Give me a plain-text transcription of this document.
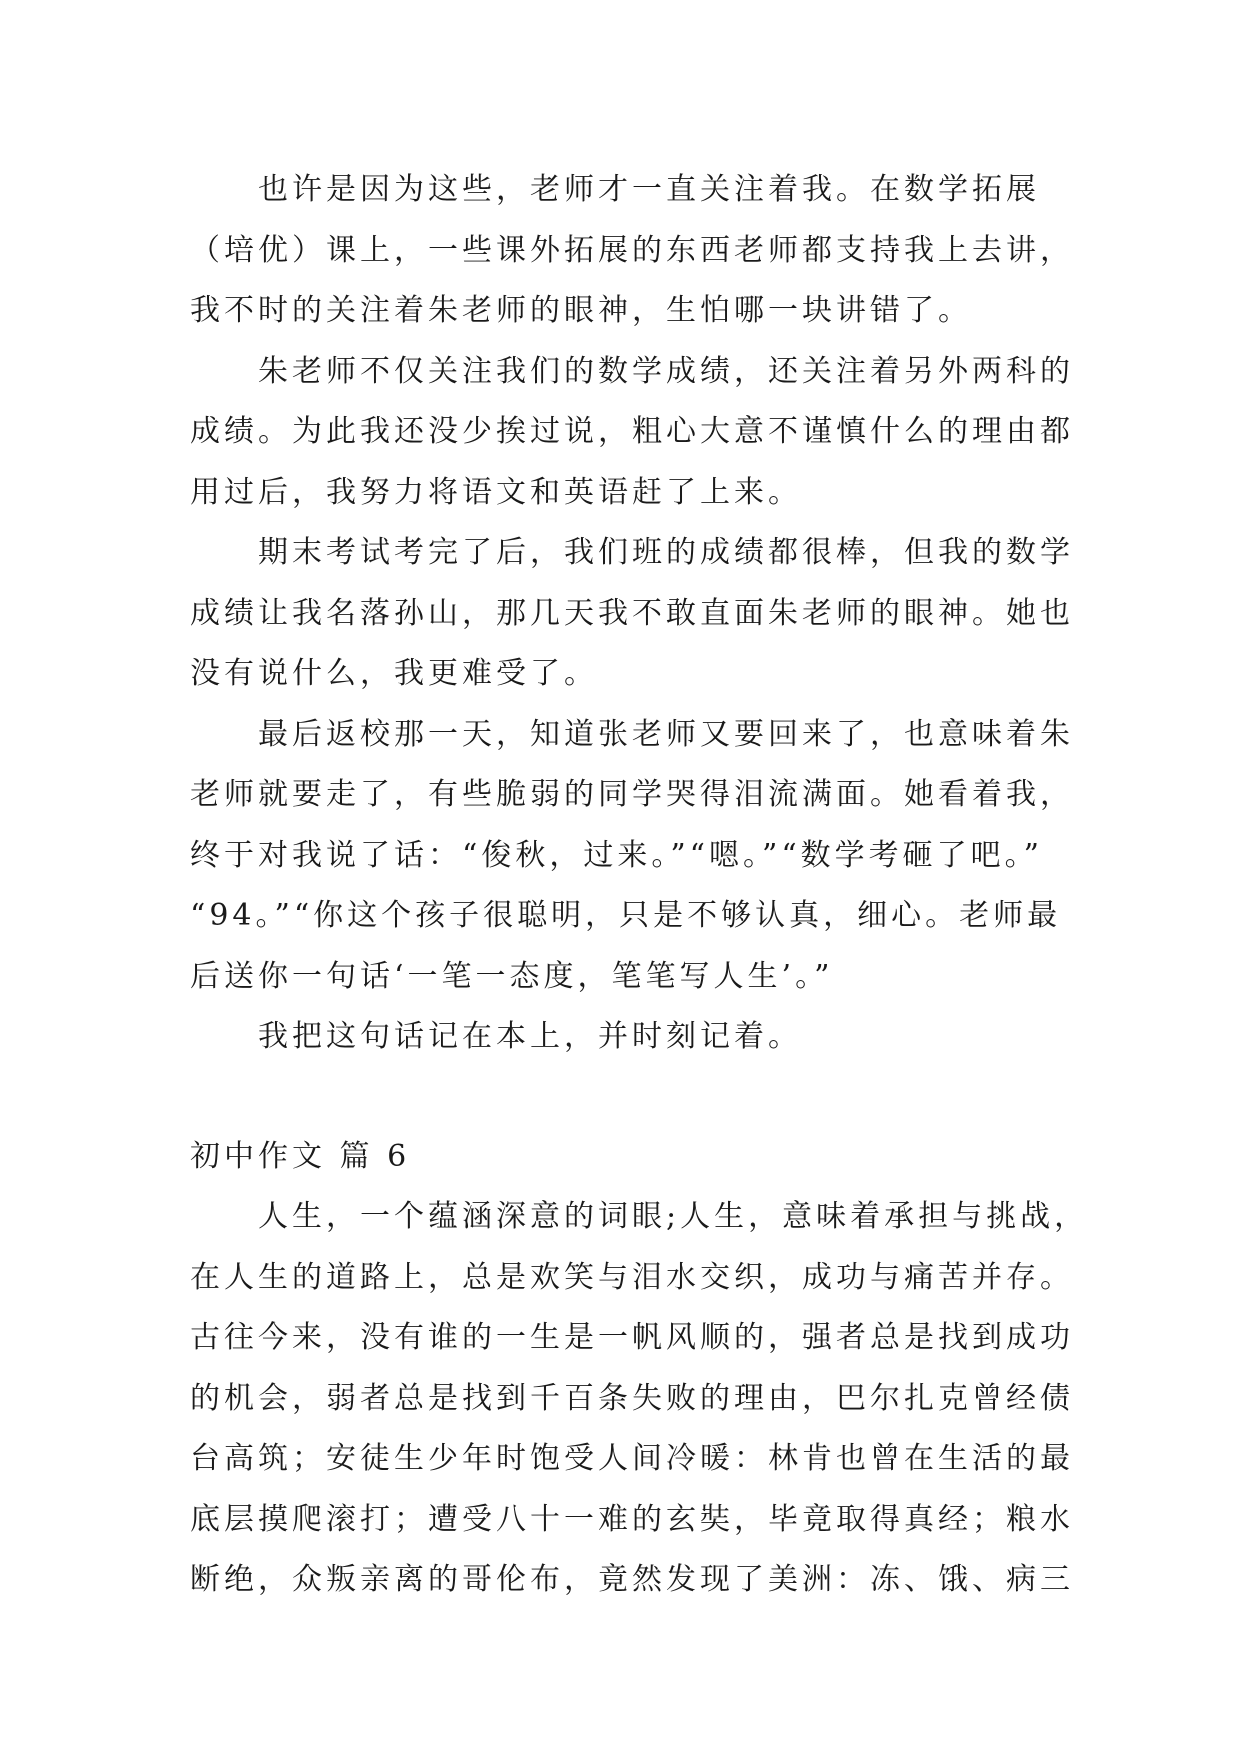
也许是因为这些，老师才一直关注着我。在数学拓展
（培优）课上，一些课外拓展的东西老师都支持我上去讲，
我不时的关注着朱老师的眼神，生怕哪一块讲错了。
朱老师不仅关注我们的数学成绩，还关注着另外两科的
成绩。为此我还没少挨过说，粗心大意不谨慎什么的理由都
用过后，我努力将语文和英语赶了上来。
期末考试考完了后，我们班的成绩都很棒，但我的数学
成绩让我名落孙山，那几天我不敢直面朱老师的眼神。她也
没有说什么，我更难受了。
最后返校那一天，知道张老师又要回来了，也意味着朱
老师就要走了，有些脆弱的同学哭得泪流满面。她看着我，
终于对我说了话：“俊秋，过来。”“嗯。”“数学考砸了吧。”
“94。”“你这个孩子很聪明，只是不够认真，细心。老师最
后送你一句话‘一笔一态度，笔笔写人生’。”
我把这句话记在本上，并时刻记着。
初中作文 篇 6
人生，一个蕴涵深意的词眼;人生，意味着承担与挑战，
在人生的道路上，总是欢笑与泪水交织，成功与痛苦并存。
古往今来，没有谁的一生是一帆风顺的，强者总是找到成功
的机会，弱者总是找到千百条失败的理由，巴尔扎克曾经债
台高筑；安徒生少年时饱受人间冷暖：林肯也曾在生活的最
底层摸爬滚打；遭受八十一难的玄奘，毕竟取得真经；粮水
断绝，众叛亲离的哥伦布，竟然发现了美洲：冻、饿、病三
